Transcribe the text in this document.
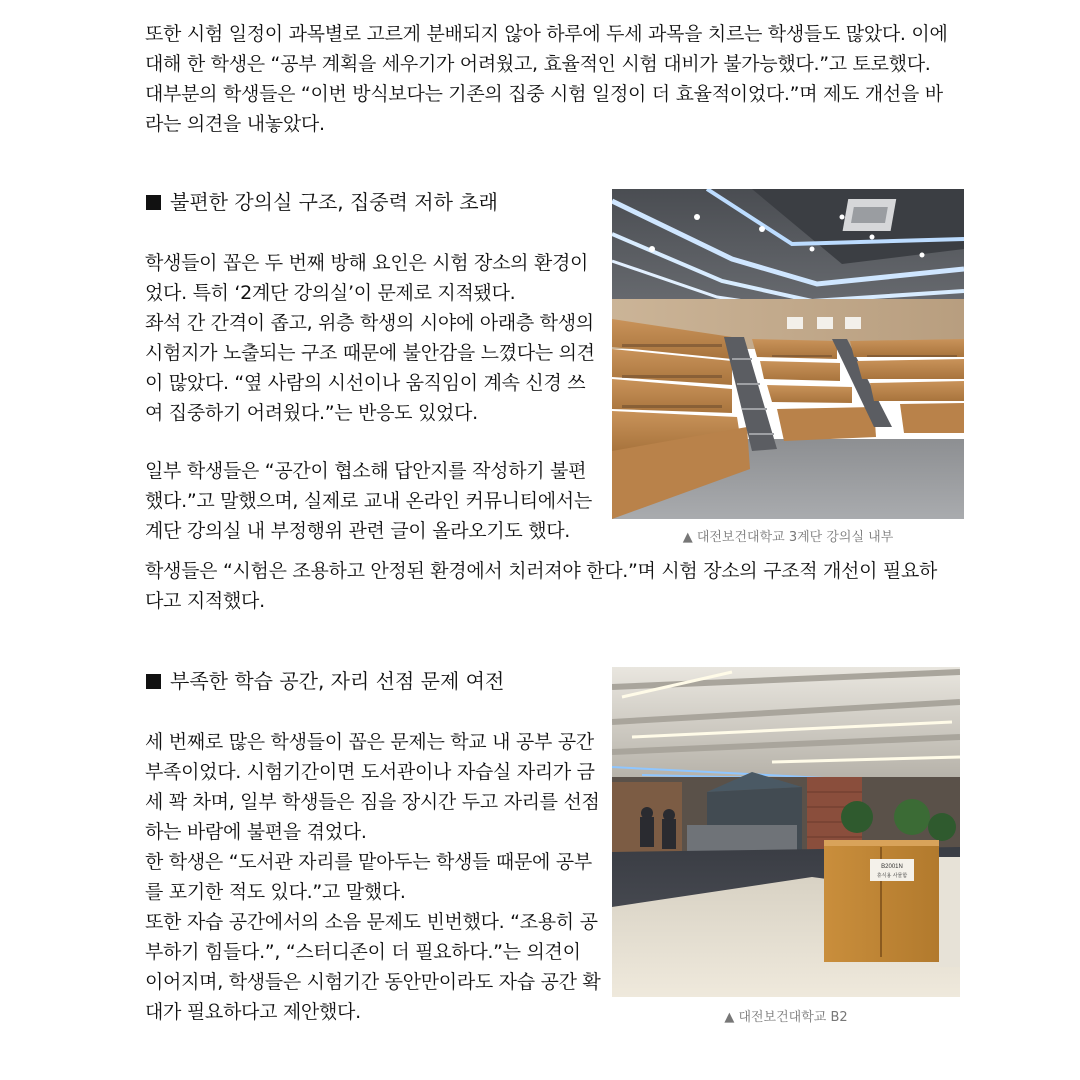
또한 시험 일정이 과목별로 고르게 분배되지 않아 하루에 두세 과목을 치르는 학생들도 많았다. 이에
대해 한 학생은 “공부 계획을 세우기가 어려웠고, 효율적인 시험 대비가 불가능했다.”고 토로했다.
대부분의 학생들은 “이번 방식보다는 기존의 집중 시험 일정이 더 효율적이었다.”며 제도 개선을 바
라는 의견을 내놓았다.
불편한 강의실 구조, 집중력 저하 초래
학생들이 꼽은 두 번째 방해 요인은 시험 장소의 환경이
었다. 특히 ‘2계단 강의실’이 문제로 지적됐다.
좌석 간 간격이 좁고, 위층 학생의 시야에 아래층 학생의
시험지가 노출되는 구조 때문에 불안감을 느꼈다는 의견
이 많았다. “옆 사람의 시선이나 움직임이 계속 신경 쓰
여 집중하기 어려웠다.”는 반응도 있었다.
일부 학생들은 “공간이 협소해 답안지를 작성하기 불편
했다.”고 말했으며, 실제로 교내 온라인 커뮤니티에서는
계단 강의실 내 부정행위 관련 글이 올라오기도 했다.	▲ 대전보건대학교 3계단 강의실 내부
학생들은 “시험은 조용하고 안정된 환경에서 치러져야 한다.”며 시험 장소의 구조적 개선이 필요하
다고 지적했다.
부족한 학습 공간, 자리 선점 문제 여전
세 번째로 많은 학생들이 꼽은 문제는 학교 내 공부 공간
부족이었다. 시험기간이면 도서관이나 자습실 자리가 금
세 꽉 차며, 일부 학생들은 짐을 장시간 두고 자리를 선점
하는 바람에 불편을 겪었다.
한 학생은 “도서관 자리를 맡아두는 학생들 때문에 공부
를 포기한 적도 있다.”고 말했다.
또한 자습 공간에서의 소음 문제도 빈번했다. “조용히 공
부하기 힘들다.”, “스터디존이 더 필요하다.”는 의견이
이어지며, 학생들은 시험기간 동안만이라도 자습 공간 확
대가 필요하다고 제안했다.
B2001N
휴식용 사물함
▲ 대전보건대학교 B2
